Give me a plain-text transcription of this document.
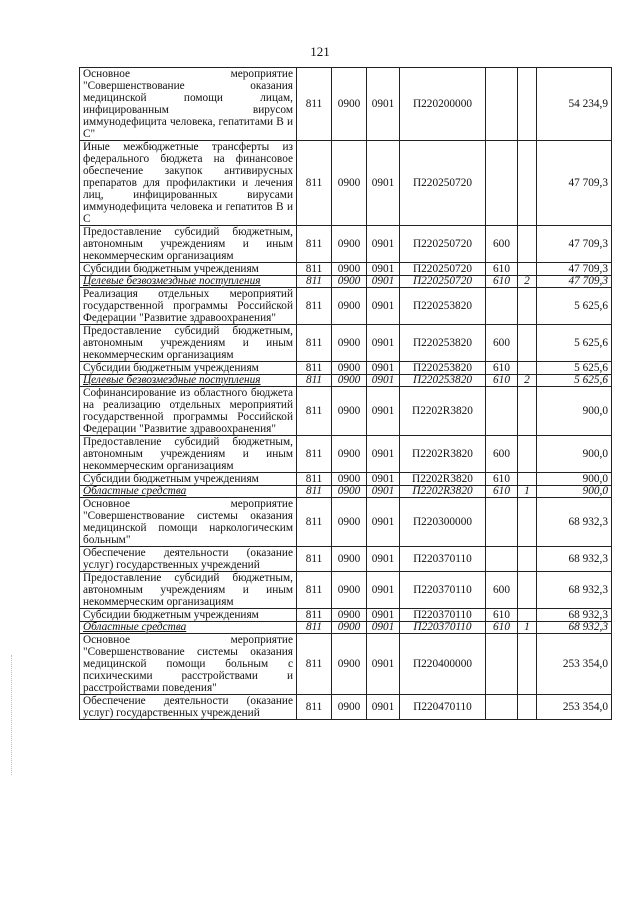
121
Основное мероприятие "Совершенствование оказания медицинской помощи лицам, инфицированным вирусом иммунодефицита человека, гепатитами В и С"	811	0900	0901	П220200000			54 234,9
Иные межбюджетные трансферты из федерального бюджета на финансовое обеспечение закупок антивирусных препаратов для профилактики и лечения лиц, инфицированных вирусами иммунодефицита человека и гепатитов В и С	811	0900	0901	П220250720			47 709,3
Предоставление субсидий бюджетным, автономным учреждениям и иным некоммерческим организациям	811	0900	0901	П220250720	600		47 709,3
Субсидии бюджетным учреждениям	811	0900	0901	П220250720	610		47 709,3
Целевые безвозмездные поступления	811	0900	0901	П220250720	610	2	47 709,3
Реализация отдельных мероприятий государственной программы Российской Федерации "Развитие здравоохранения"	811	0900	0901	П220253820			5 625,6
Предоставление субсидий бюджетным, автономным учреждениям и иным некоммерческим организациям	811	0900	0901	П220253820	600		5 625,6
Субсидии бюджетным учреждениям	811	0900	0901	П220253820	610		5 625,6
Целевые безвозмездные поступления	811	0900	0901	П220253820	610	2	5 625,6
Софинансирование из областного бюджета на реализацию отдельных мероприятий государственной программы Российской Федерации "Развитие здравоохранения"	811	0900	0901	П2202R3820			900,0
Предоставление субсидий бюджетным, автономным учреждениям и иным некоммерческим организациям	811	0900	0901	П2202R3820	600		900,0
Субсидии бюджетным учреждениям	811	0900	0901	П2202R3820	610		900,0
Областные средства	811	0900	0901	П2202R3820	610	1	900,0
Основное мероприятие "Совершенствование системы оказания медицинской помощи наркологическим больным"	811	0900	0901	П220300000			68 932,3
Обеспечение деятельности (оказание услуг) государственных учреждений	811	0900	0901	П220370110			68 932,3
Предоставление субсидий бюджетным, автономным учреждениям и иным некоммерческим организациям	811	0900	0901	П220370110	600		68 932,3
Субсидии бюджетным учреждениям	811	0900	0901	П220370110	610		68 932,3
Областные средства	811	0900	0901	П220370110	610	1	68 932,3
Основное мероприятие "Совершенствование системы оказания медицинской помощи больным с психическими расстройствами и расстройствами поведения"	811	0900	0901	П220400000			253 354,0
Обеспечение деятельности (оказание услуг) государственных учреждений	811	0900	0901	П220470110			253 354,0
